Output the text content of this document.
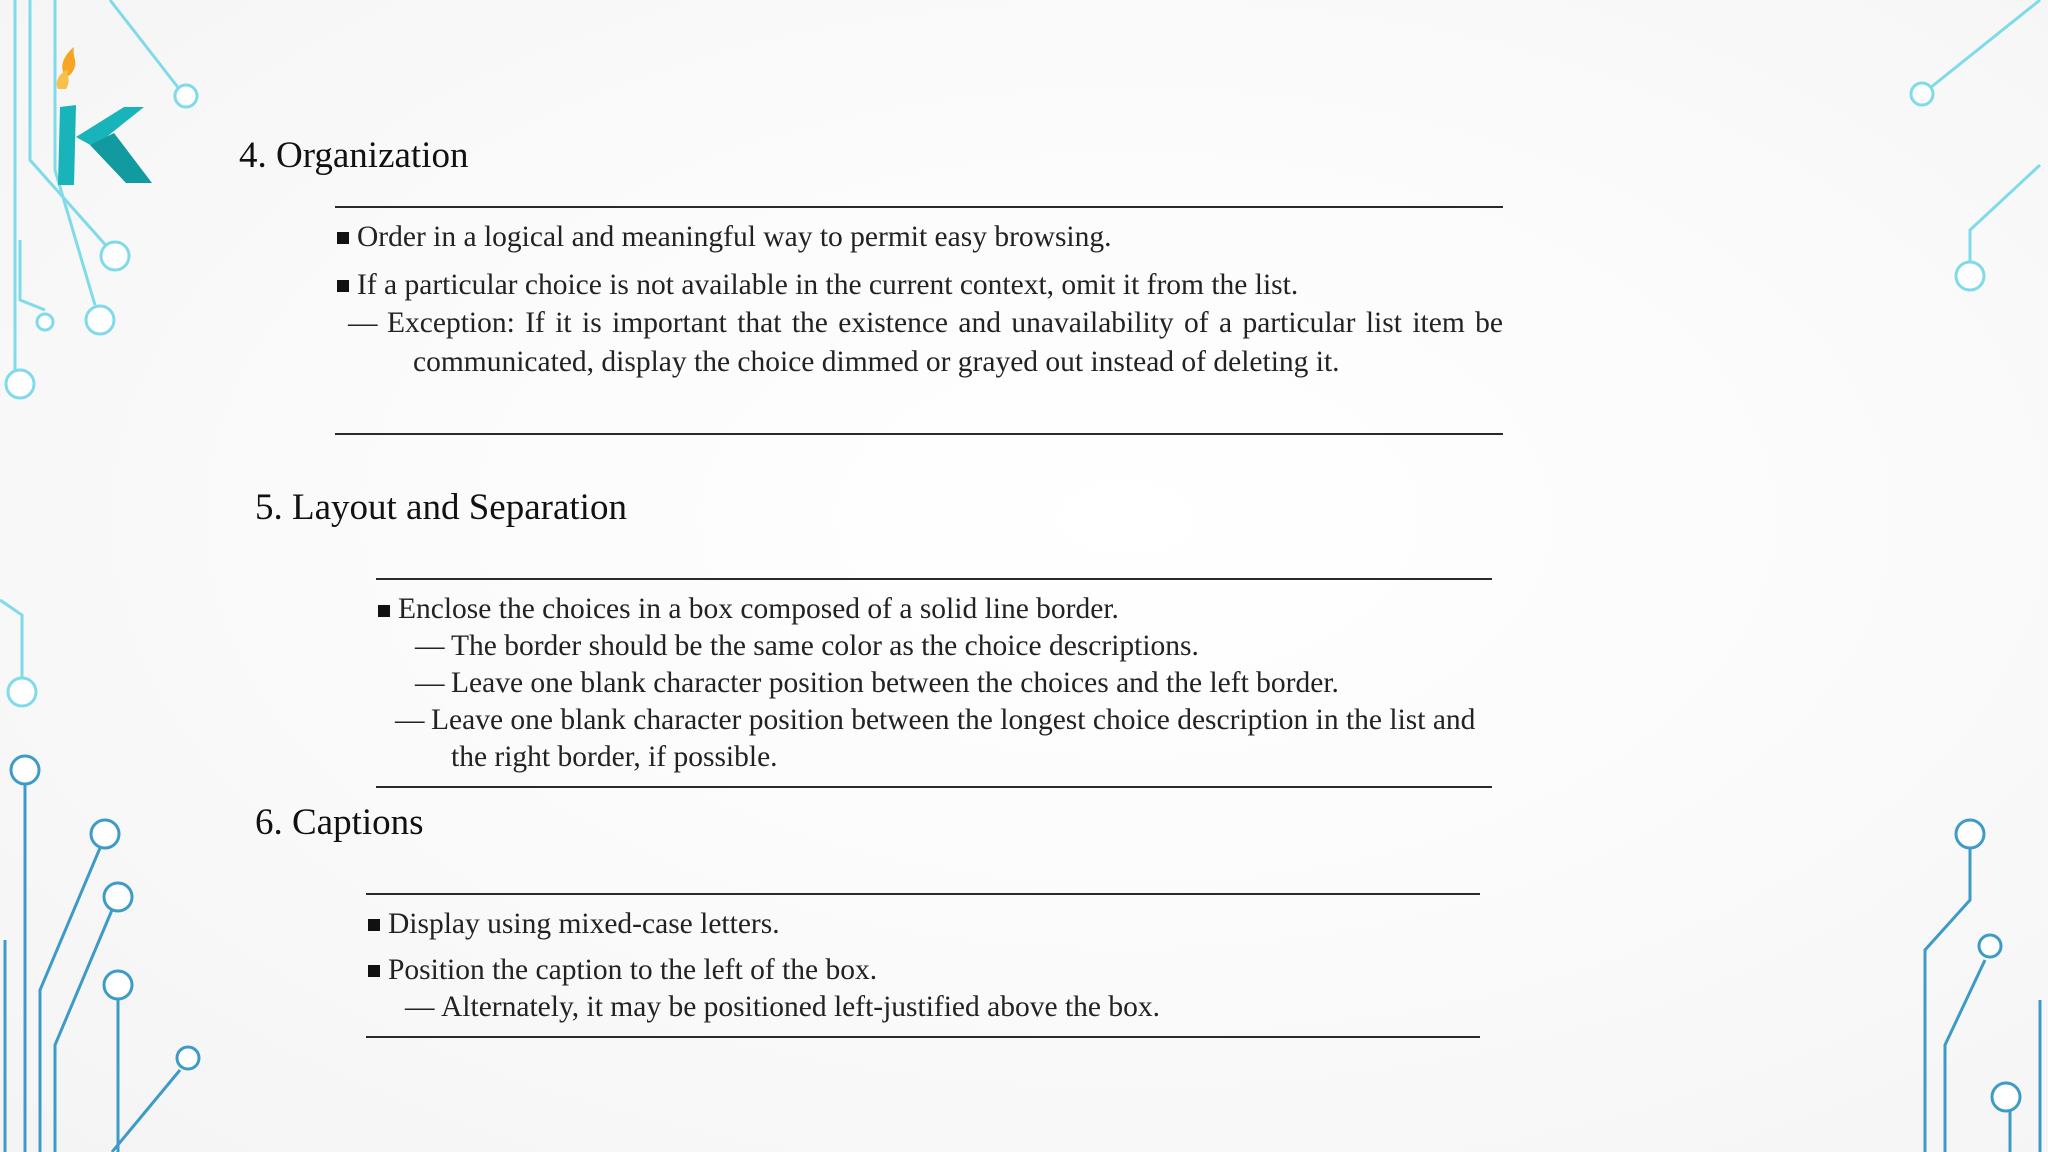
4. Organization
Order in a logical and meaningful way to permit easy browsing.
If a particular choice is not available in the current context, omit it from the list.
— Exception: If it is important that the existence and unavailability of a particular list item be communicated, display the choice dimmed or grayed out instead of deleting it.
5. Layout and Separation
Enclose the choices in a box composed of a solid line border.
— The border should be the same color as the choice descriptions.
— Leave one blank character position between the choices and the left border.
— Leave one blank character position between the longest choice description in the list and the right border, if possible.
6. Captions
Display using mixed-case letters.
Position the caption to the left of the box.
— Alternately, it may be positioned left-justified above the box.
